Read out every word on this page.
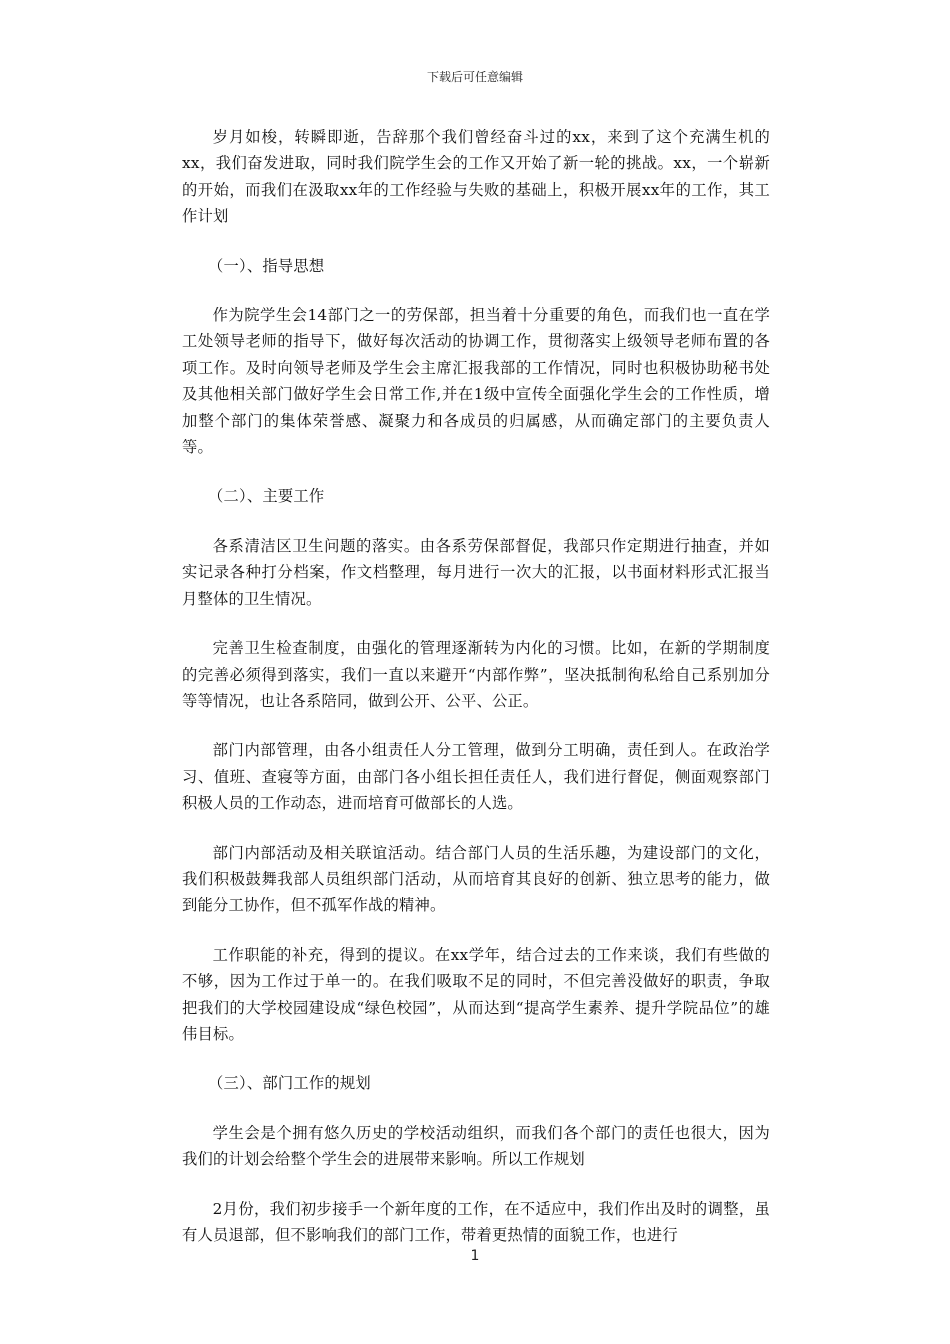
下载后可任意编辑

岁月如梭，转瞬即逝，告辞那个我们曾经奋斗过的xx，来到了这个充满生机的xx，我们奋发进取，同时我们院学生会的工作又开始了新一轮的挑战。xx，一个崭新的开始，而我们在汲取xx年的工作经验与失败的基础上，积极开展xx年的工作，其工作计划

（一）、指导思想

作为院学生会14部门之一的劳保部，担当着十分重要的角色，而我们也一直在学工处领导老师的指导下，做好每次活动的协调工作，贯彻落实上级领导老师布置的各项工作。及时向领导老师及学生会主席汇报我部的工作情况，同时也积极协助秘书处及其他相关部门做好学生会日常工作,并在1级中宣传全面强化学生会的工作性质，增加整个部门的集体荣誉感、凝聚力和各成员的归属感，从而确定部门的主要负责人等。

（二）、主要工作

各系清洁区卫生问题的落实。由各系劳保部督促，我部只作定期进行抽查，并如实记录各种打分档案，作文档整理，每月进行一次大的汇报，以书面材料形式汇报当月整体的卫生情况。

完善卫生检查制度，由强化的管理逐渐转为内化的习惯。比如，在新的学期制度的完善必须得到落实，我们一直以来避开“内部作弊”，坚决抵制徇私给自己系别加分等等情况，也让各系陪同，做到公开、公平、公正。

部门内部管理，由各小组责任人分工管理，做到分工明确，责任到人。在政治学习、值班、查寝等方面，由部门各小组长担任责任人，我们进行督促，侧面观察部门积极人员的工作动态，进而培育可做部长的人选。

部门内部活动及相关联谊活动。结合部门人员的生活乐趣，为建设部门的文化，我们积极鼓舞我部人员组织部门活动，从而培育其良好的创新、独立思考的能力，做到能分工协作，但不孤军作战的精神。

工作职能的补充，得到的提议。在xx学年，结合过去的工作来谈，我们有些做的不够，因为工作过于单一的。在我们吸取不足的同时，不但完善没做好的职责，争取把我们的大学校园建设成“绿色校园”，从而达到“提高学生素养、提升学院品位”的雄伟目标。

（三）、部门工作的规划

学生会是个拥有悠久历史的学校活动组织，而我们各个部门的责任也很大，因为我们的计划会给整个学生会的进展带来影响。所以工作规划

2月份，我们初步接手一个新年度的工作，在不适应中，我们作出及时的调整，虽有人员退部，但不影响我们的部门工作，带着更热情的面貌工作，也进行

1
